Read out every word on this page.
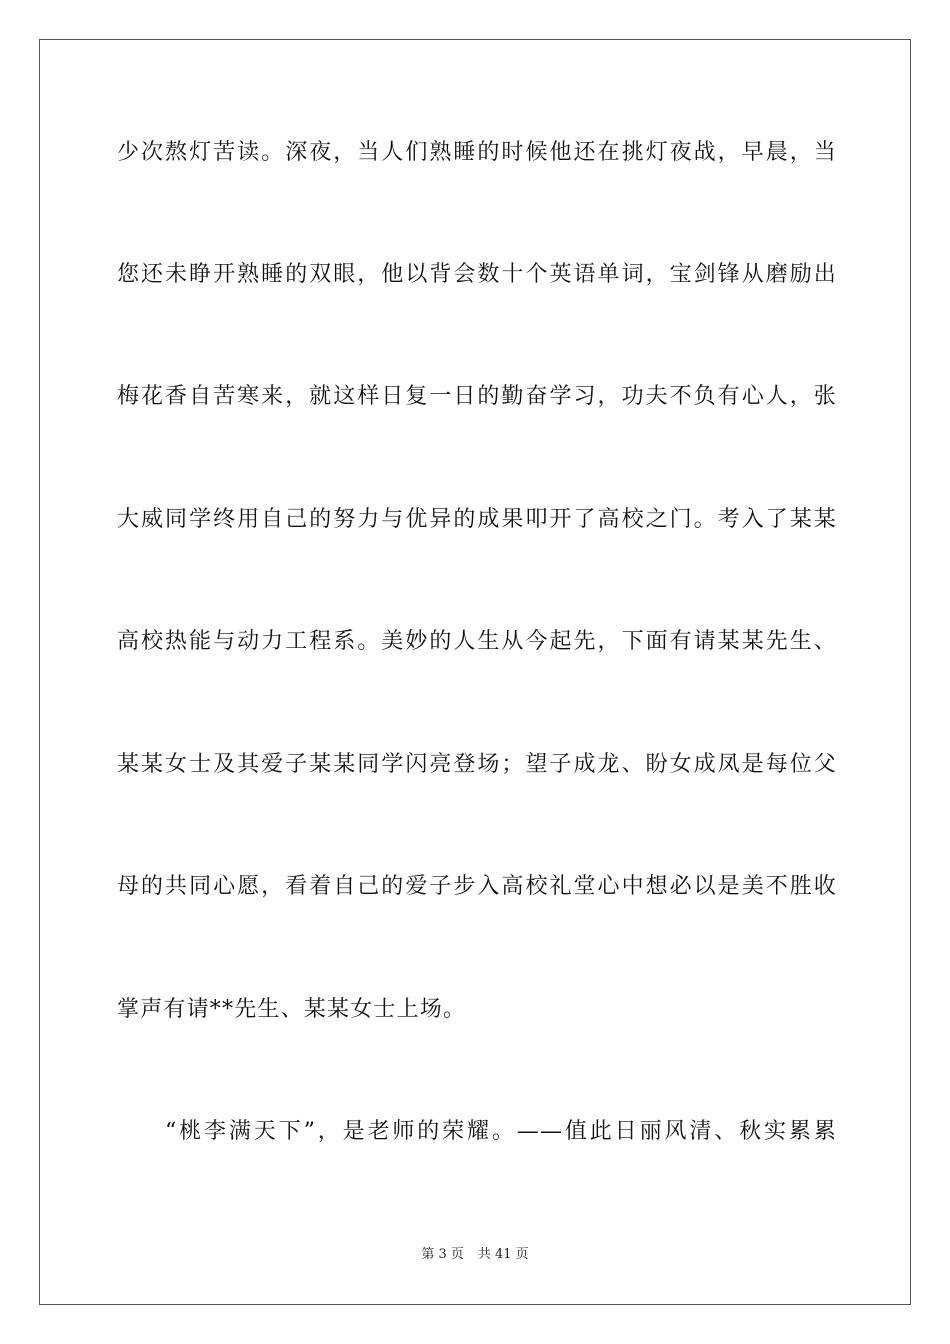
少次熬灯苦读。深夜，当人们熟睡的时候他还在挑灯夜战，早晨，当
您还未睁开熟睡的双眼，他以背会数十个英语单词，宝剑锋从磨励出
梅花香自苦寒来，就这样日复一日的勤奋学习，功夫不负有心人，张
大威同学终用自己的努力与优异的成果叩开了高校之门。考入了某某
高校热能与动力工程系。美妙的人生从今起先，下面有请某某先生、
某某女士及其爱子某某同学闪亮登场；望子成龙、盼女成凤是每位父
母的共同心愿，看着自己的爱子步入高校礼堂心中想必以是美不胜收
掌声有请**先生、某某女士上场。
“桃李满天下”，是老师的荣耀。——值此日丽风清、秋实累累
第 3 页 共 41 页
